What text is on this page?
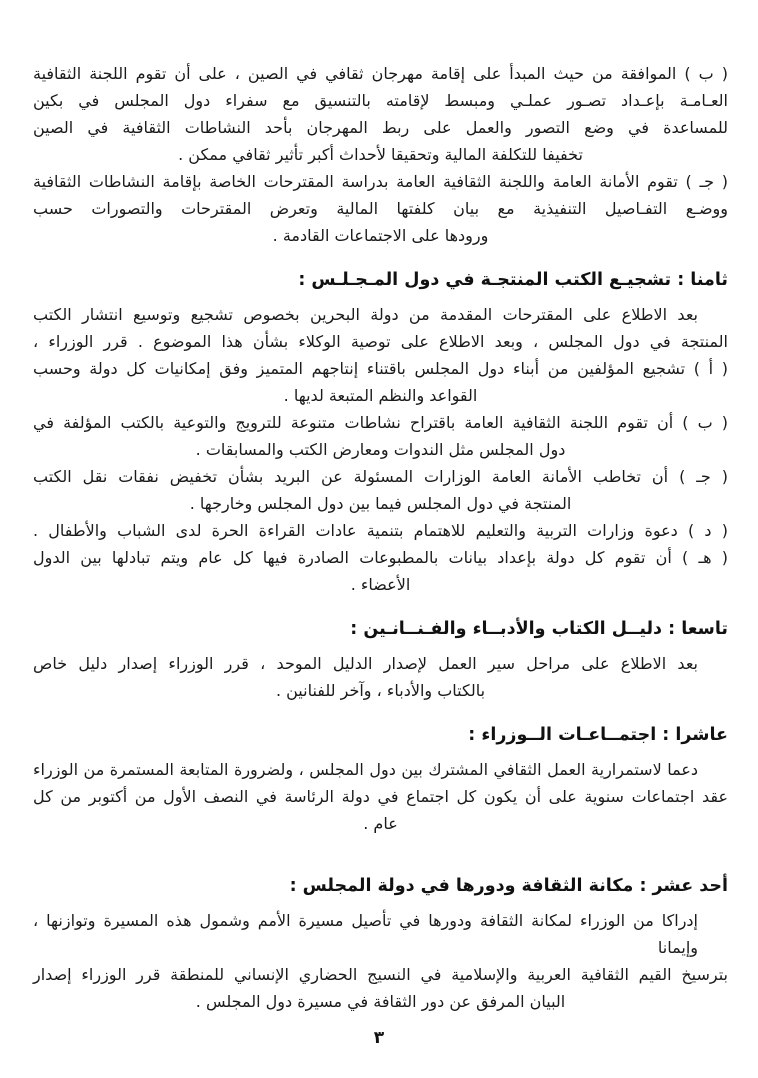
( ب ) الموافقة من حيث المبدأ على إقامة مهرجان ثقافي في الصين ، على أن تقوم اللجنة الثقافية
العـامـة بإعـداد تصـور عملـي ومبسط لإقامته بالتنسيق مع سفراء دول المجلس في بكين
للمساعدة في وضع التصور والعمل على ربط المهرجان بأحد النشاطات الثقافية في الصين
تخفيفا للتكلفة المالية وتحقيقا لأحداث أكبر تأثير ثقافي ممكن .
( جـ ) تقوم الأمانة العامة واللجنة الثقافية العامة بدراسة المقترحات الخاصة بإقامة النشاطات الثقافية
ووضـع التفـاصيل التنفيذية مع بيان كلفتها المالية وتعرض المقترحات والتصورات حسب
ورودها على الاجتماعات القادمة .
ثامنا : تشجيـع الكتب المنتجـة في دول المـجـلـس :
بعد الاطلاع على المقترحات المقدمة من دولة البحرين بخصوص تشجيع وتوسيع انتشار الكتب
المنتجة في دول المجلس ، وبعد الاطلاع على توصية الوكلاء بشأن هذا الموضوع . قرر الوزراء ،
( أ ) تشجيع المؤلفين من أبناء دول المجلس باقتناء إنتاجهم المتميز وفق إمكانيات كل دولة وحسب
القواعد والنظم المتبعة لديها .
( ب ) أن تقوم اللجنة الثقافية العامة باقتراح نشاطات متنوعة للترويج والتوعية بالكتب المؤلفة في
دول المجلس مثل الندوات ومعارض الكتب والمسابقات .
( جـ ) أن تخاطب الأمانة العامة الوزارات المسئولة عن البريد بشأن تخفيض نفقات نقل الكتب
المنتجة في دول المجلس فيما بين دول المجلس وخارجها .
( د ) دعوة وزارات التربية والتعليم للاهتمام بتنمية عادات القراءة الحرة لدى الشباب والأطفال .
( هـ ) أن تقوم كل دولة بإعداد بيانات بالمطبوعات الصادرة فيها كل عام ويتم تبادلها بين الدول
الأعضاء .
تاسعا : دليــل الكتاب والأدبــاء والفـنــانـين :
بعد الاطلاع على مراحل سير العمل لإصدار الدليل الموحد ، قرر الوزراء إصدار دليل خاص
بالكتاب والأدباء ، وآخر للفنانين .
عاشرا : اجتمــاعـات الــوزراء :
دعما لاستمرارية العمل الثقافي المشترك بين دول المجلس ، ولضرورة المتابعة المستمرة من الوزراء
عقد اجتماعات سنوية على أن يكون كل اجتماع في دولة الرئاسة في النصف الأول من أكتوبر من كل
عام .
أحد عشر : مكانة الثقافة ودورها في دولة المجلس :
إدراكا من الوزراء لمكانة الثقافة ودورها في تأصيل مسيرة الأمم وشمول هذه المسيرة وتوازنها ، وإيمانا
بترسيخ القيم الثقافية العربية والإسلامية في النسيج الحضاري الإنساني للمنطقة قرر الوزراء إصدار
البيان المرفق عن دور الثقافة في مسيرة دول المجلس .
٣
